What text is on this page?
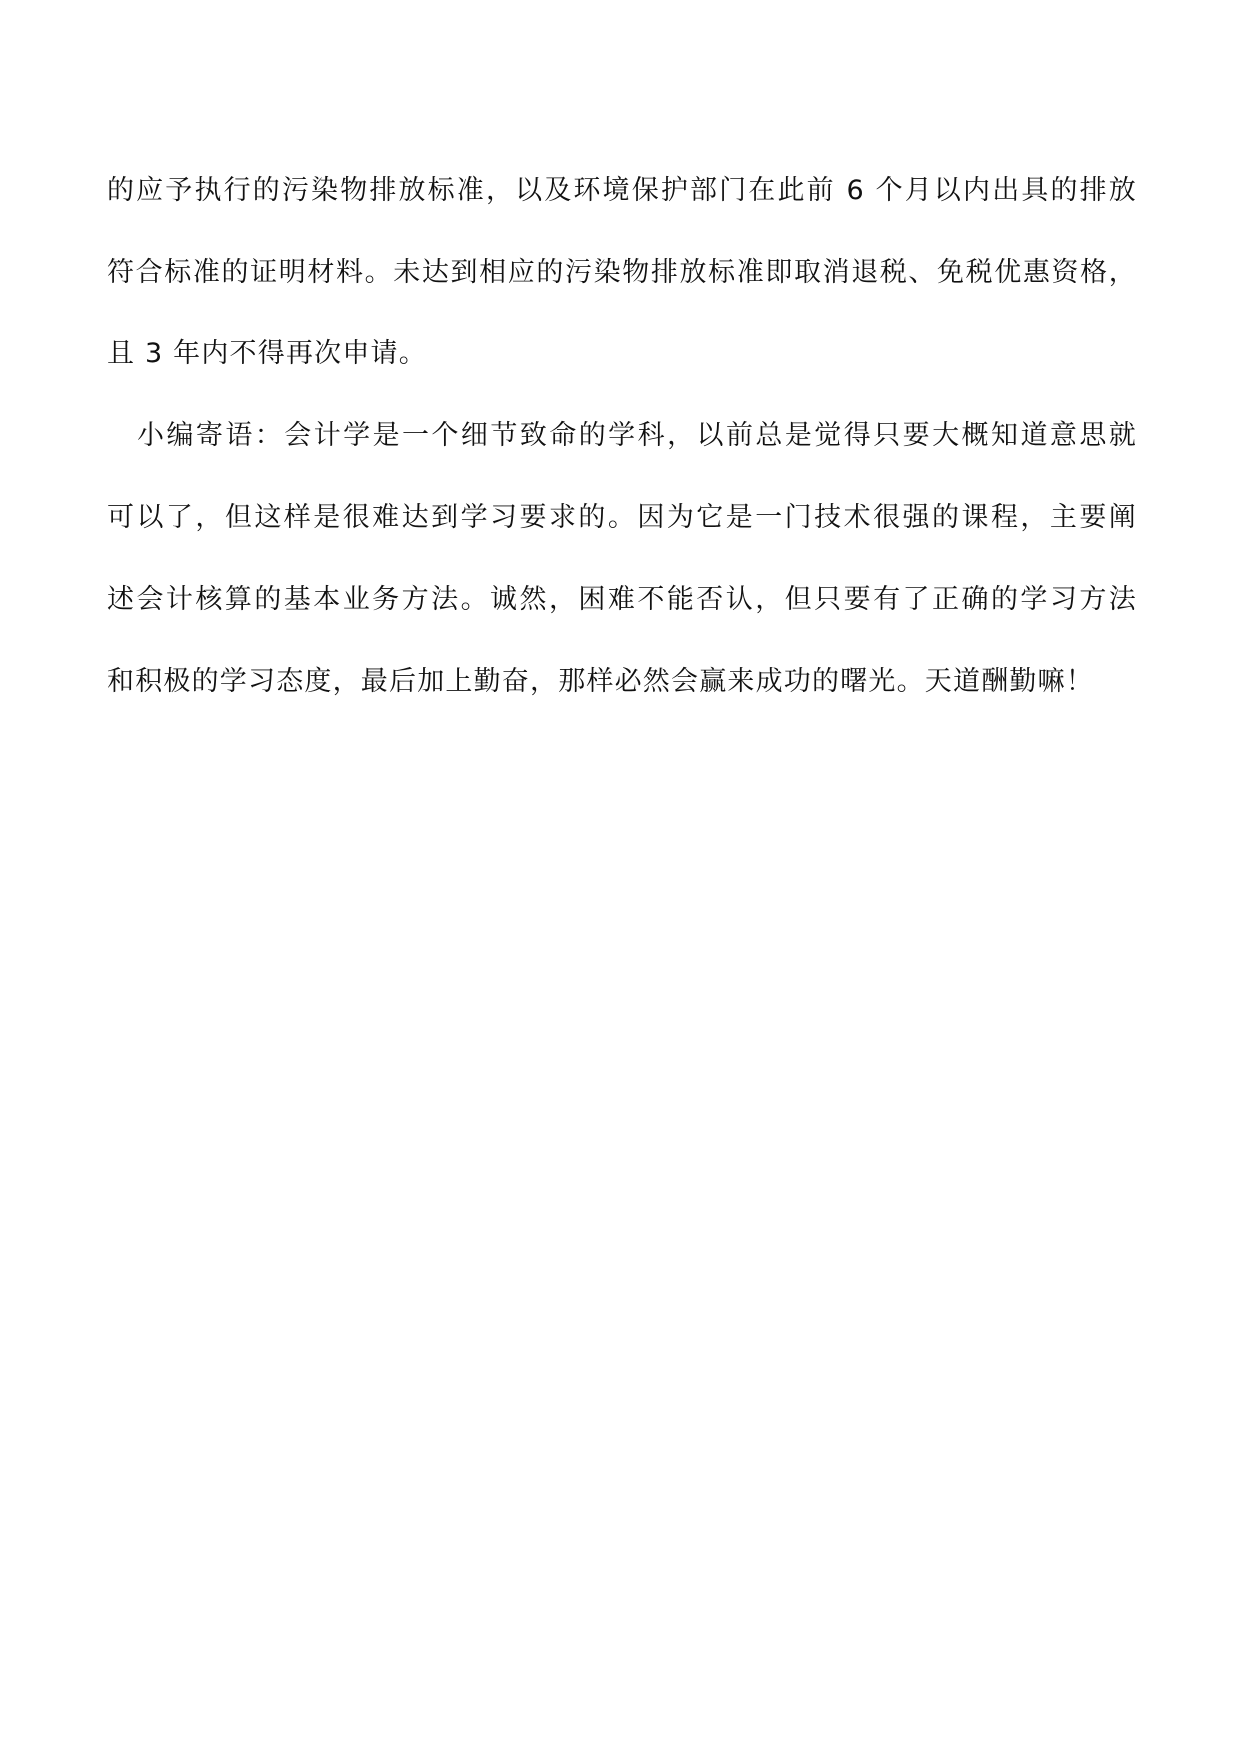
的应予执行的污染物排放标准，以及环境保护部门在此前 6 个月以内出具的排放
符合标准的证明材料。未达到相应的污染物排放标准即取消退税、免税优惠资格，
且 3 年内不得再次申请。
小编寄语：会计学是一个细节致命的学科，以前总是觉得只要大概知道意思就
可以了，但这样是很难达到学习要求的。因为它是一门技术很强的课程，主要阐
述会计核算的基本业务方法。诚然，困难不能否认，但只要有了正确的学习方法
和积极的学习态度，最后加上勤奋，那样必然会赢来成功的曙光。天道酬勤嘛！
